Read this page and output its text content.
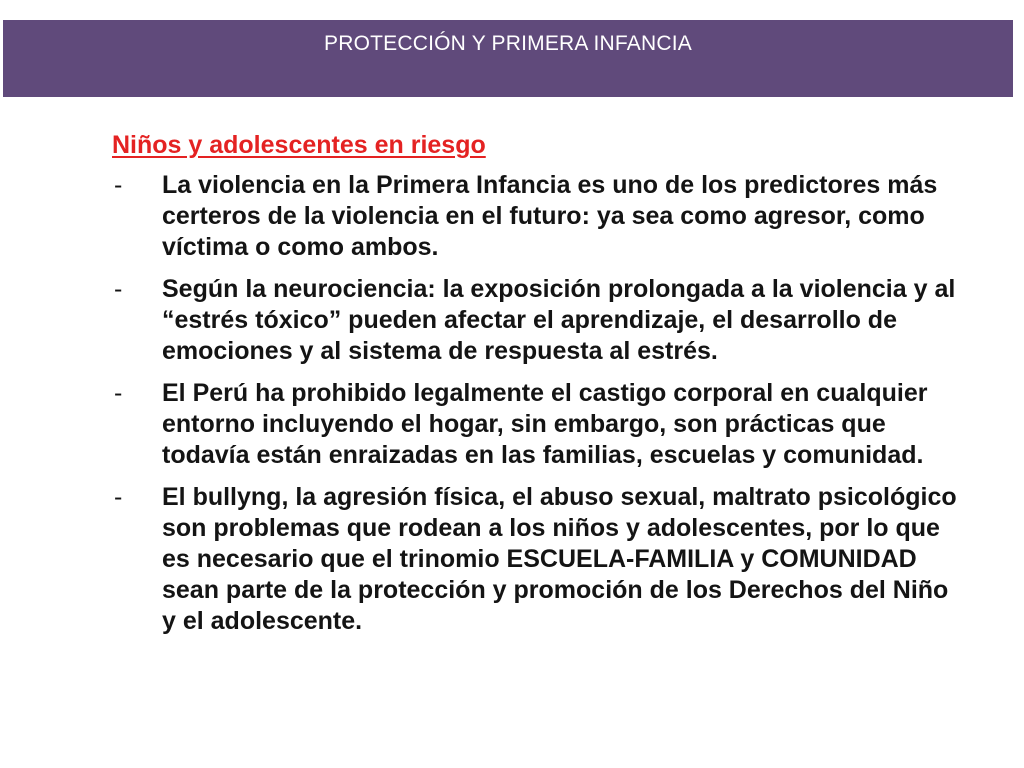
PROTECCIÓN Y PRIMERA INFANCIA
Niños y adolescentes en riesgo
- La violencia en la Primera Infancia es uno de los predictores más certeros de la violencia en el futuro: ya sea como agresor, como víctima o como ambos.
- Según la neurociencia: la exposición prolongada a la violencia y al “estrés tóxico” pueden afectar el aprendizaje, el desarrollo de emociones y al sistema de respuesta al estrés.
- El Perú ha prohibido legalmente el castigo corporal en cualquier entorno incluyendo el hogar, sin embargo, son prácticas que todavía están enraizadas en las familias, escuelas y comunidad.
- El bullyng, la agresión física, el abuso sexual, maltrato psicológico son problemas que rodean a los niños y adolescentes, por lo que es necesario que el trinomio ESCUELA-FAMILIA y COMUNIDAD sean parte de la protección y promoción de los Derechos del Niño y el adolescente.
